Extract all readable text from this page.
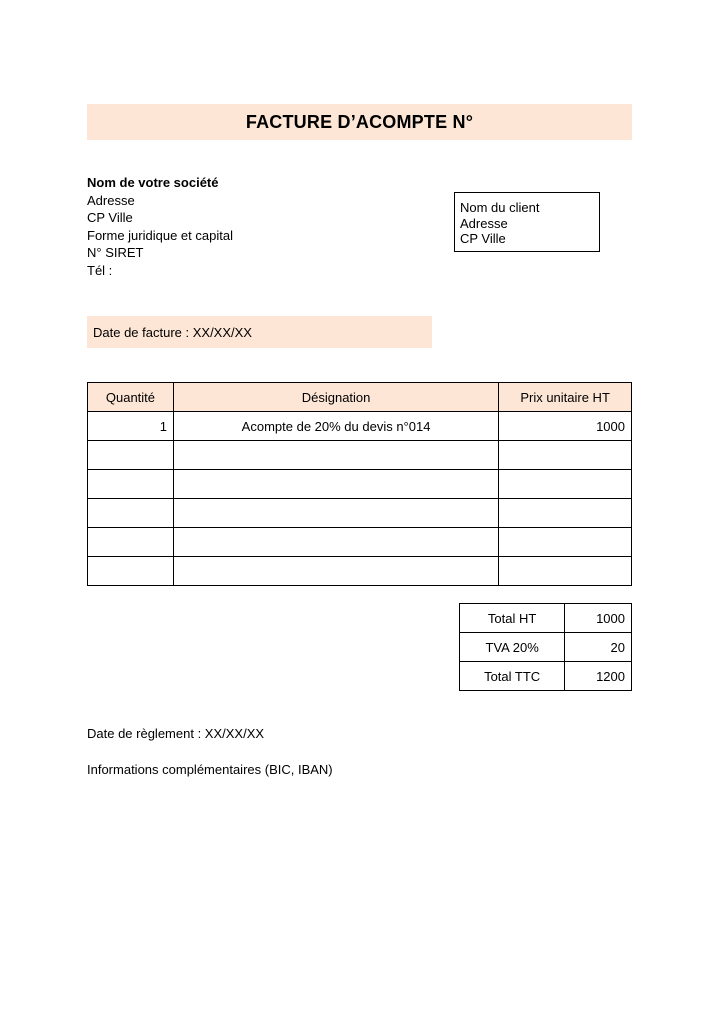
FACTURE D’ACOMPTE N°
Nom de votre société
Adresse
CP Ville
Forme juridique et capital
N° SIRET
Tél :
Nom du client
Adresse
CP Ville
Date de facture : XX/XX/XX
Quantité	Désignation	Prix unitaire HT
1	Acompte de 20% du devis n°014	1000

Total HT	1000
TVA 20%	20
Total TTC	1200
Date de règlement : XX/XX/XX
Informations complémentaires (BIC, IBAN)
